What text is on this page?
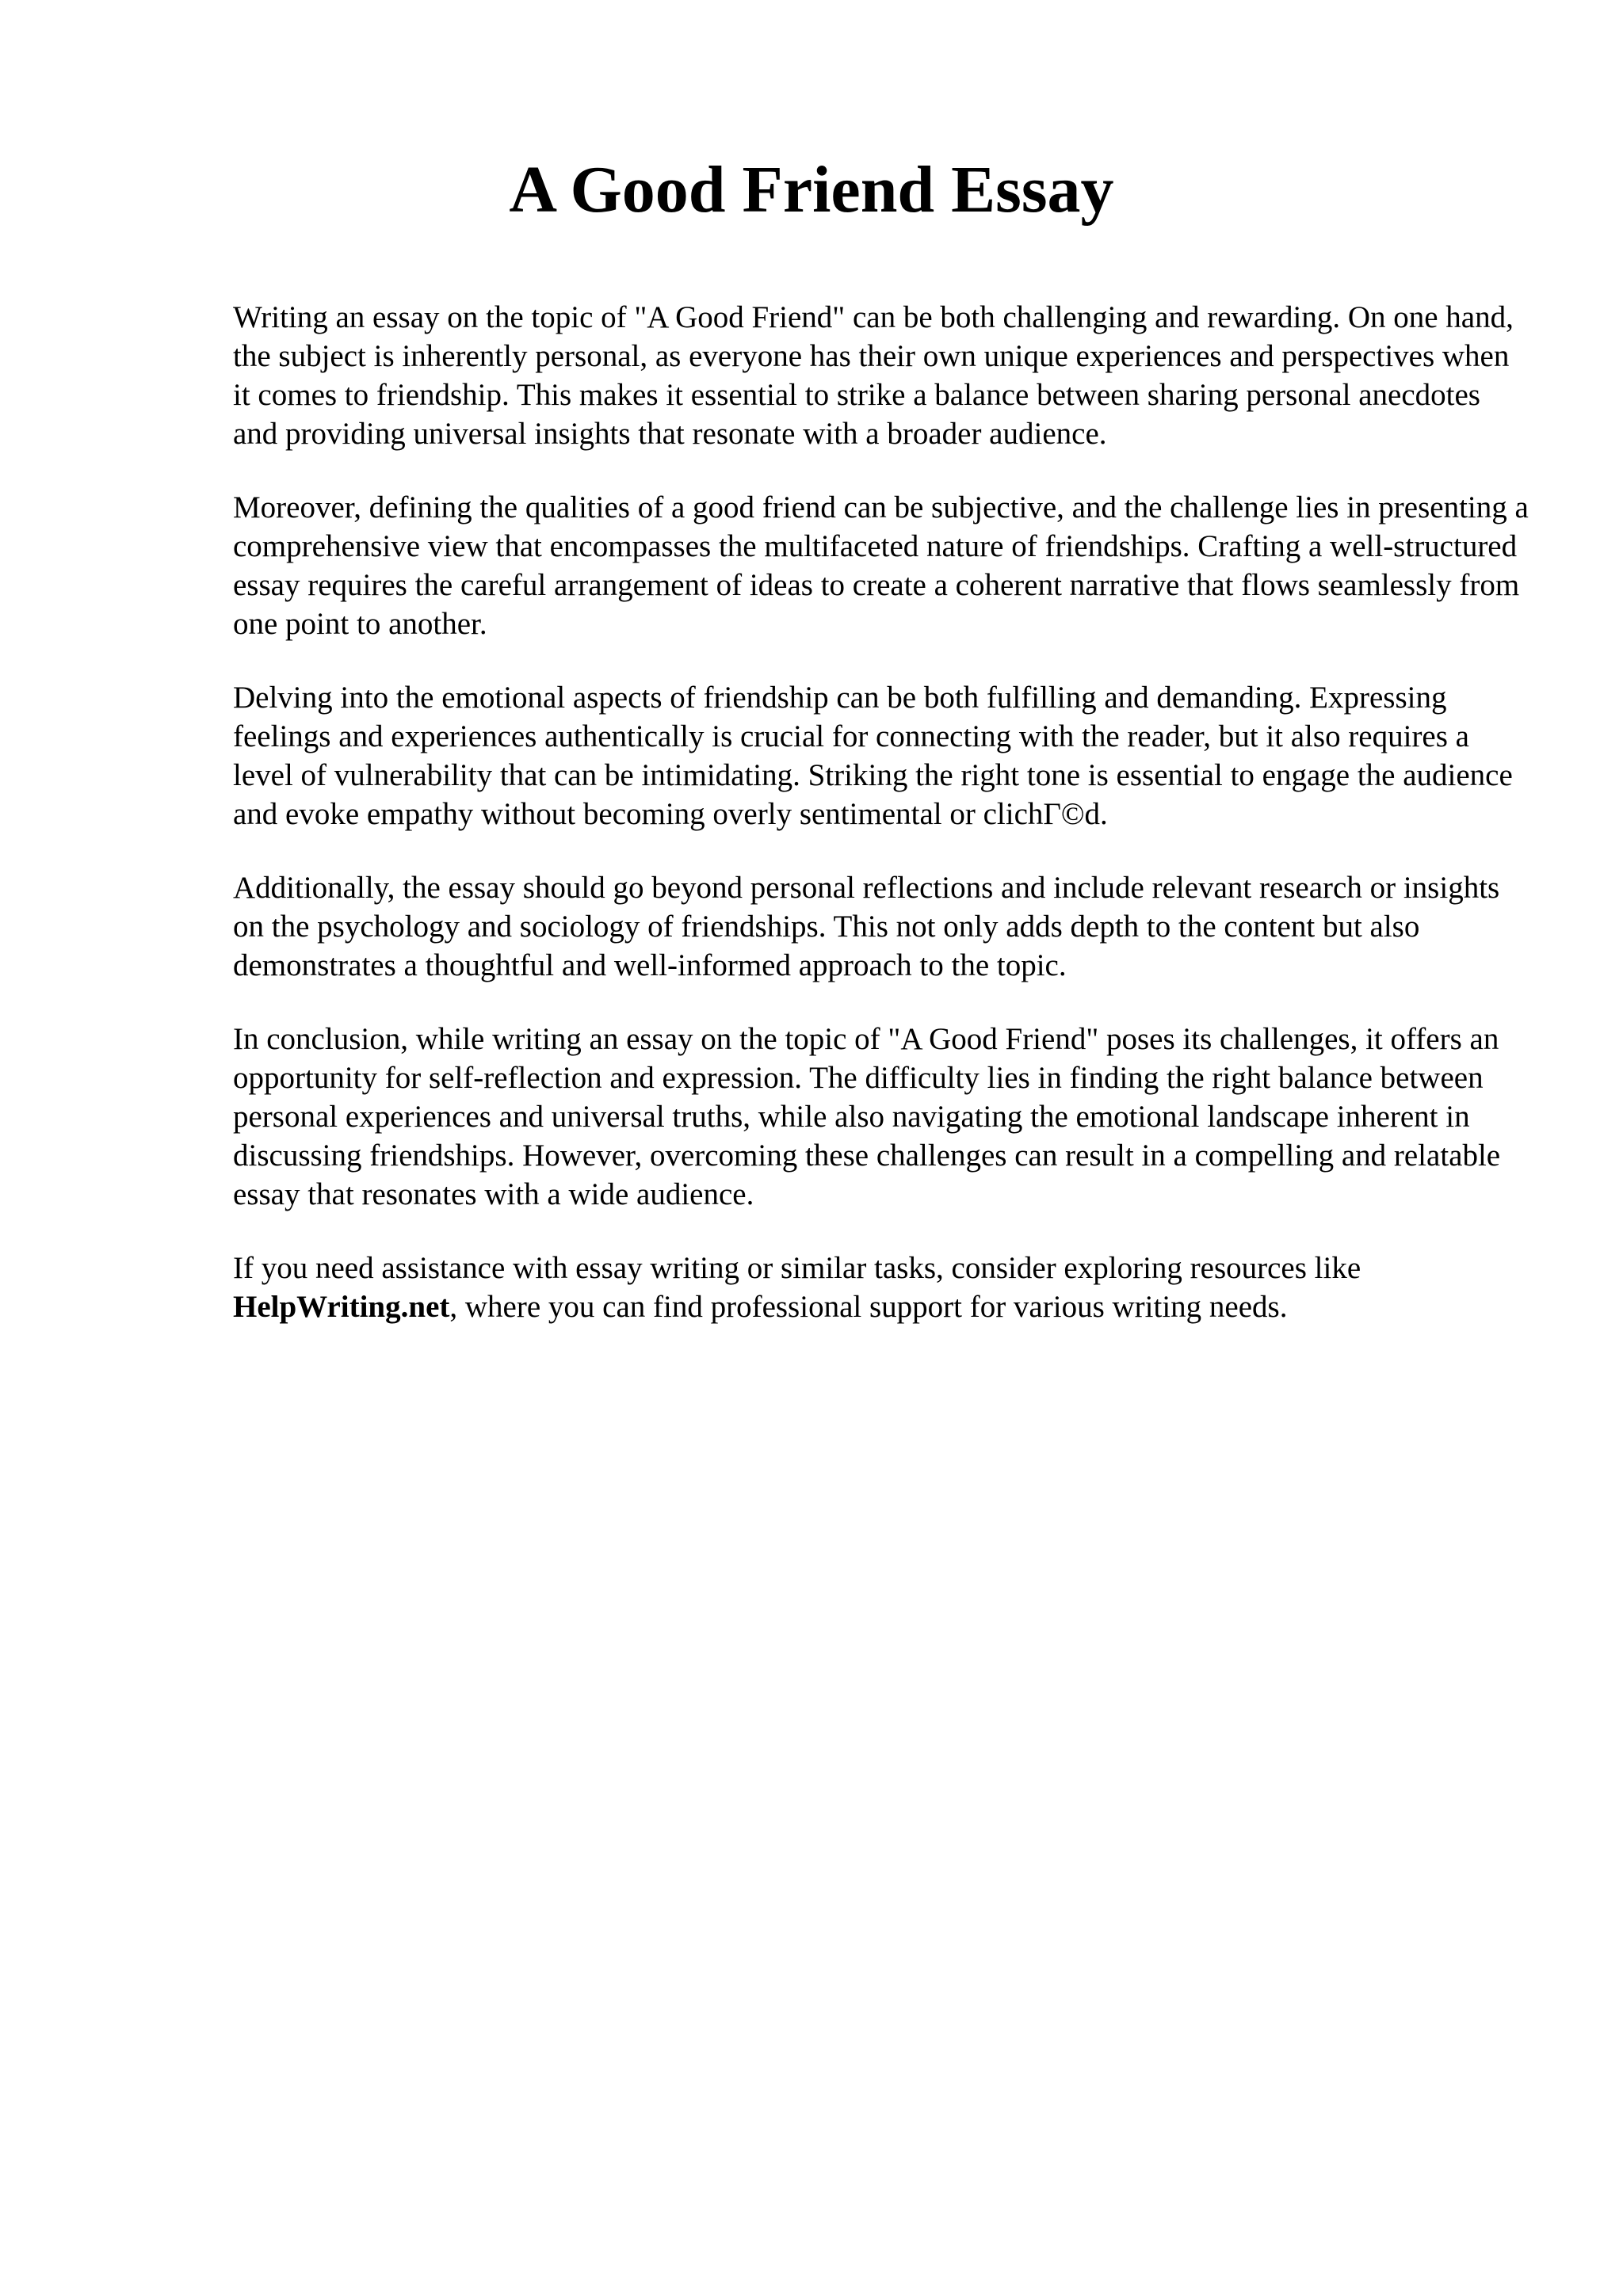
A Good Friend Essay

Writing an essay on the topic of "A Good Friend" can be both challenging and rewarding. On one hand, the subject is inherently personal, as everyone has their own unique experiences and perspectives when it comes to friendship. This makes it essential to strike a balance between sharing personal anecdotes and providing universal insights that resonate with a broader audience.

Moreover, defining the qualities of a good friend can be subjective, and the challenge lies in presenting a comprehensive view that encompasses the multifaceted nature of friendships. Crafting a well-structured essay requires the careful arrangement of ideas to create a coherent narrative that flows seamlessly from one point to another.

Delving into the emotional aspects of friendship can be both fulfilling and demanding. Expressing feelings and experiences authentically is crucial for connecting with the reader, but it also requires a level of vulnerability that can be intimidating. Striking the right tone is essential to engage the audience and evoke empathy without becoming overly sentimental or clichΓ©d.

Additionally, the essay should go beyond personal reflections and include relevant research or insights on the psychology and sociology of friendships. This not only adds depth to the content but also demonstrates a thoughtful and well-informed approach to the topic.

In conclusion, while writing an essay on the topic of "A Good Friend" poses its challenges, it offers an opportunity for self-reflection and expression. The difficulty lies in finding the right balance between personal experiences and universal truths, while also navigating the emotional landscape inherent in discussing friendships. However, overcoming these challenges can result in a compelling and relatable essay that resonates with a wide audience.

If you need assistance with essay writing or similar tasks, consider exploring resources like HelpWriting.net, where you can find professional support for various writing needs.
